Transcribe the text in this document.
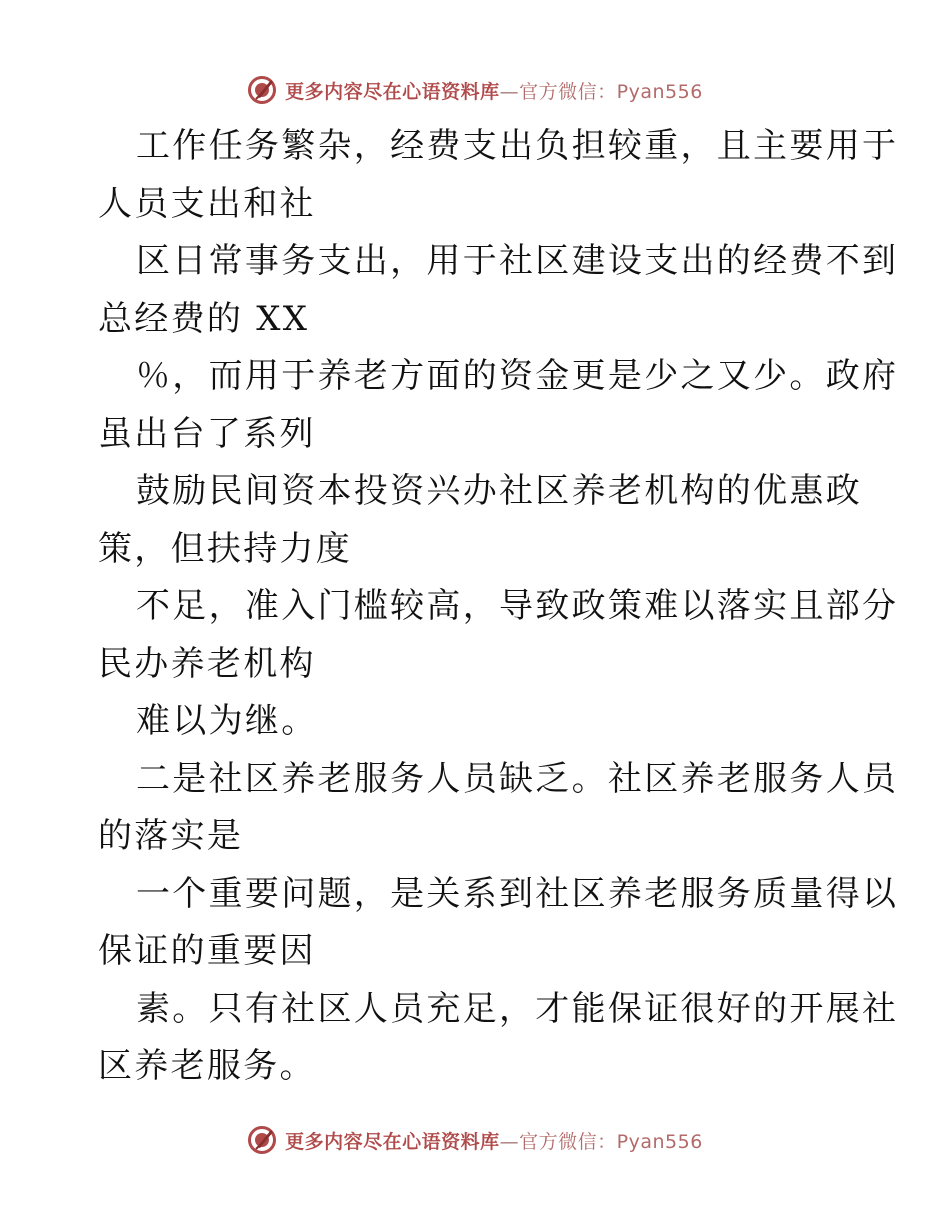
更多内容尽在心语资料库—官方微信：Pyan556
工作任务繁杂，经费支出负担较重，且主要用于
人员支出和社
区日常事务支出，用于社区建设支出的经费不到
总经费的 XX
％，而用于养老方面的资金更是少之又少。政府
虽出台了系列
鼓励民间资本投资兴办社区养老机构的优惠政
策，但扶持力度
不足，准入门槛较高，导致政策难以落实且部分
民办养老机构
难以为继。
二是社区养老服务人员缺乏。社区养老服务人员
的落实是
一个重要问题，是关系到社区养老服务质量得以
保证的重要因
素。只有社区人员充足，才能保证很好的开展社
区养老服务。
更多内容尽在心语资料库—官方微信：Pyan556
